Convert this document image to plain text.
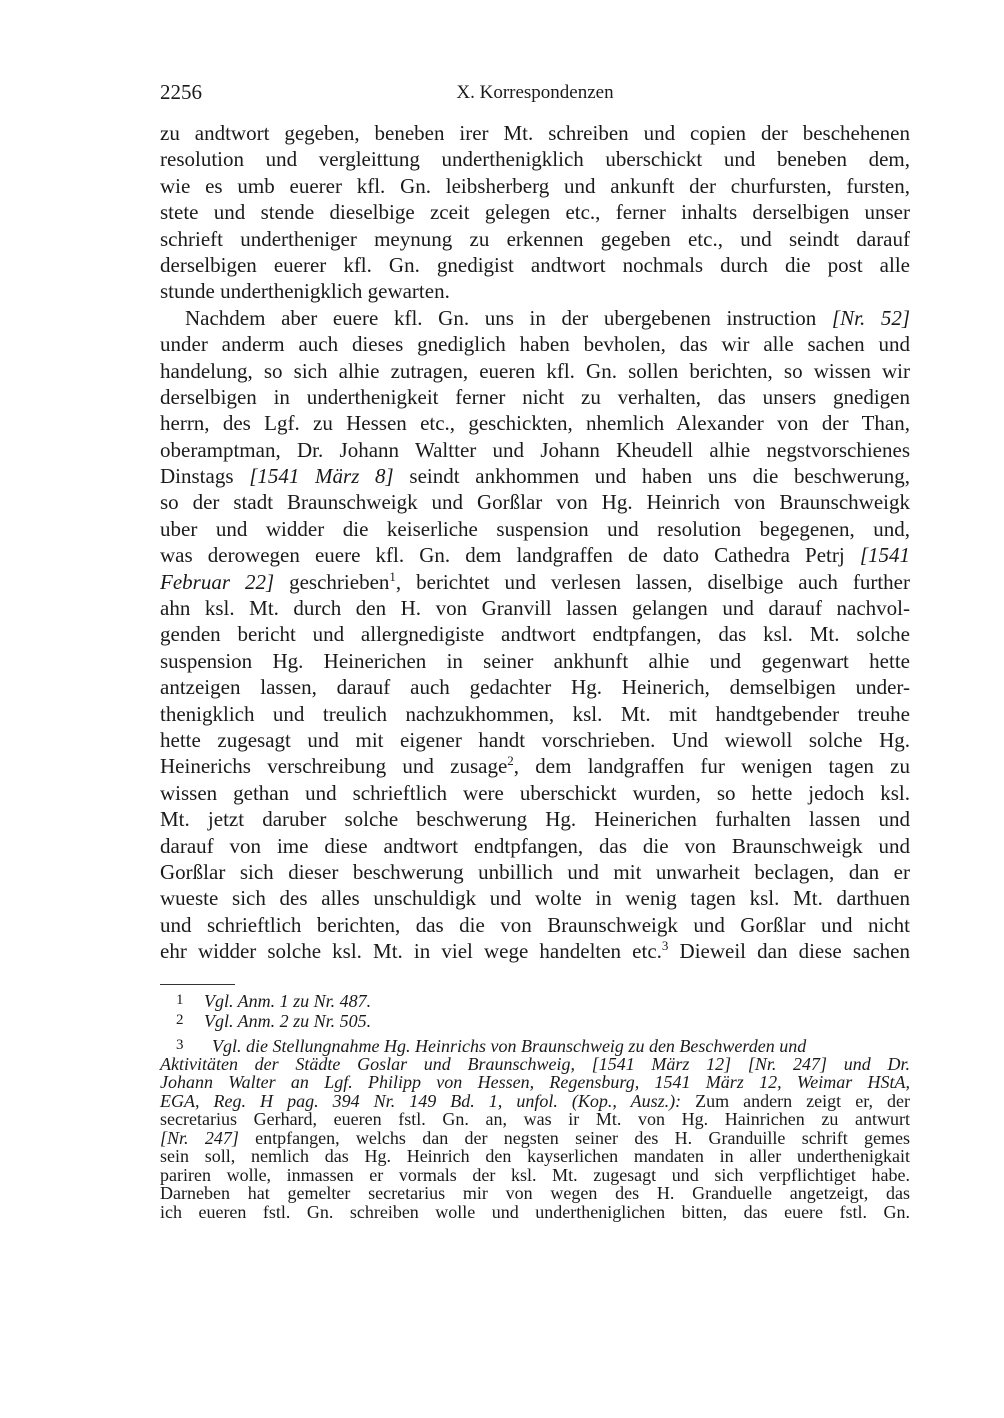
2256	X. Korrespondenzen
zu andtwort gegeben, beneben irer Mt. schreiben und copien der beschehenen
resolution und vergleittung underthenigklich uberschickt und beneben dem,
wie es umb euerer kfl. Gn. leibsherberg und ankunft der churfursten, fursten,
stete und stende dieselbige zceit gelegen etc., ferner inhalts derselbigen unser
schrieft undertheniger meynung zu erkennen gegeben etc., und seindt darauf
derselbigen euerer kfl. Gn. gnedigist andtwort nochmals durch die post alle
stunde underthenigklich gewarten.
Nachdem aber euere kfl. Gn. uns in der ubergebenen instruction [Nr. 52]
under anderm auch dieses gnediglich haben bevholen, das wir alle sachen und
handelung, so sich alhie zutragen, eueren kfl. Gn. sollen berichten, so wissen wir
derselbigen in underthenigkeit ferner nicht zu verhalten, das unsers gnedigen
herrn, des Lgf. zu Hessen etc., geschickten, nhemlich Alexander von der Than,
oberamptman, Dr. Johann Waltter und Johann Kheudell alhie negstvorschienes
Dinstags [1541 März 8] seindt ankhommen und haben uns die beschwerung,
so der stadt Braunschweigk und Gorßlar von Hg. Heinrich von Braunschweigk
uber und widder die keiserliche suspension und resolution begegenen, und,
was derowegen euere kfl. Gn. dem landgraffen de dato Cathedra Petrj [1541
Februar 22] geschrieben$^1$, berichtet und verlesen lassen, diselbige auch further
ahn ksl. Mt. durch den H. von Granvill lassen gelangen und darauf nachvol-
genden bericht und allergnedigiste andtwort endtpfangen, das ksl. Mt. solche
suspension Hg. Heinerichen in seiner ankhunft alhie und gegenwart hette
antzeigen lassen, darauf auch gedachter Hg. Heinerich, demselbigen under-
thenigklich und treulich nachzukhommen, ksl. Mt. mit handtgebender treuhe
hette zugesagt und mit eigener handt vorschrieben. Und wiewoll solche Hg.
Heinerichs verschreibung und zusage$^2$, dem landgraffen fur wenigen tagen zu
wissen gethan und schrieftlich were uberschickt wurden, so hette jedoch ksl.
Mt. jetzt daruber solche beschwerung Hg. Heinerichen furhalten lassen und
darauf von ime diese andtwort endtpfangen, das die von Braunschweigk und
Gorßlar sich dieser beschwerung unbillich und mit unwarheit beclagen, dan er
wueste sich des alles unschuldigk und wolte in wenig tagen ksl. Mt. darthuen
und schrieftlich berichten, das die von Braunschweigk und Gorßlar und nicht
ehr widder solche ksl. Mt. in viel wege handelten etc.$^3$ Dieweil dan diese sachen
1 Vgl. Anm. 1 zu Nr. 487.
2 Vgl. Anm. 2 zu Nr. 505.
3 Vgl. die Stellungnahme Hg. Heinrichs von Braunschweig zu den Beschwerden und
Aktivitäten der Städte Goslar und Braunschweig, [1541 März 12] [Nr. 247] und Dr.
Johann Walter an Lgf. Philipp von Hessen, Regensburg, 1541 März 12, Weimar HStA,
EGA, Reg. H pag. 394 Nr. 149 Bd. 1, unfol. (Kop., Ausz.): Zum andern zeigt er, der
secretarius Gerhard, eueren fstl. Gn. an, was ir Mt. von Hg. Hainrichen zu antwurt
[Nr. 247] entpfangen, welchs dan der negsten seiner des H. Granduille schrift gemes
sein soll, nemlich das Hg. Heinrich den kayserlichen mandaten in aller underthenigkait
pariren wolle, inmassen er vormals der ksl. Mt. zugesagt und sich verpflichtiget habe.
Darneben hat gemelter secretarius mir von wegen des H. Granduelle angetzeigt, das
ich eueren fstl. Gn. schreiben wolle und undertheniglichen bitten, das euere fstl. Gn.
